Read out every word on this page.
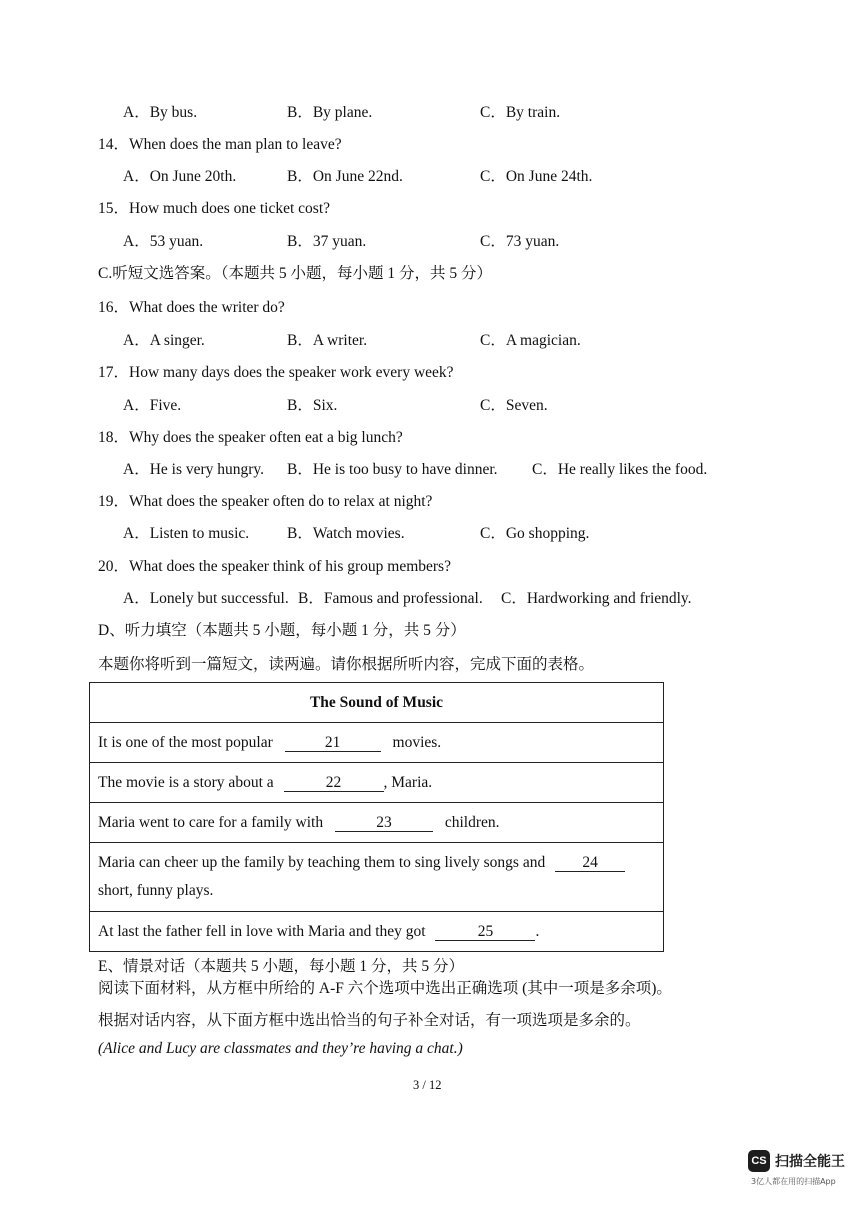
A．By bus.	B．By plane.	C．By train.
14．When does the man plan to leave?
A．On June 20th.	B．On June 22nd.	C．On June 24th.
15．How much does one ticket cost?
A．53 yuan.	B．37 yuan.	C．73 yuan.
C.听短文选答案。（本题共 5 小题，每小题 1 分，共 5 分）
16．What does the writer do?
A．A singer.	B．A writer.	C．A magician.
17．How many days does the speaker work every week?
A．Five.	B．Six.	C．Seven.
18．Why does the speaker often eat a big lunch?
A．He is very hungry. B．He is too busy to have dinner. C．He really likes the food.
19．What does the speaker often do to relax at night?
A．Listen to music. B．Watch movies.	C．Go shopping.
20．What does the speaker think of his group members?
A．Lonely but successful. B．Famous and professional. C．Hardworking and friendly.
D、听力填空（本题共 5 小题，每小题 1 分，共 5 分）
本题你将听到一篇短文，读两遍。请你根据所听内容，完成下面的表格。
The Sound of Music
It is one of the most popular	21	movies.
The movie is a story about a	22	, Maria.
Maria went to care for a family with	23	children.
Maria can cheer up the family by teaching them to sing lively songs and 24
short, funny plays.
At last the father fell in love with Maria and they got	25	.
E、情景对话（本题共 5 小题，每小题 1 分，共 5 分）
阅读下面材料，从方框中所给的 A-F 六个选项中选出正确选项 (其中一项是多余项)。
根据对话内容，从下面方框中选出恰当的句子补全对话，有一项选项是多余的。
(Alice and Lucy are classmates and they’re having a chat.)
3 / 12
CS 扫描全能王
3亿人都在用的扫描App
